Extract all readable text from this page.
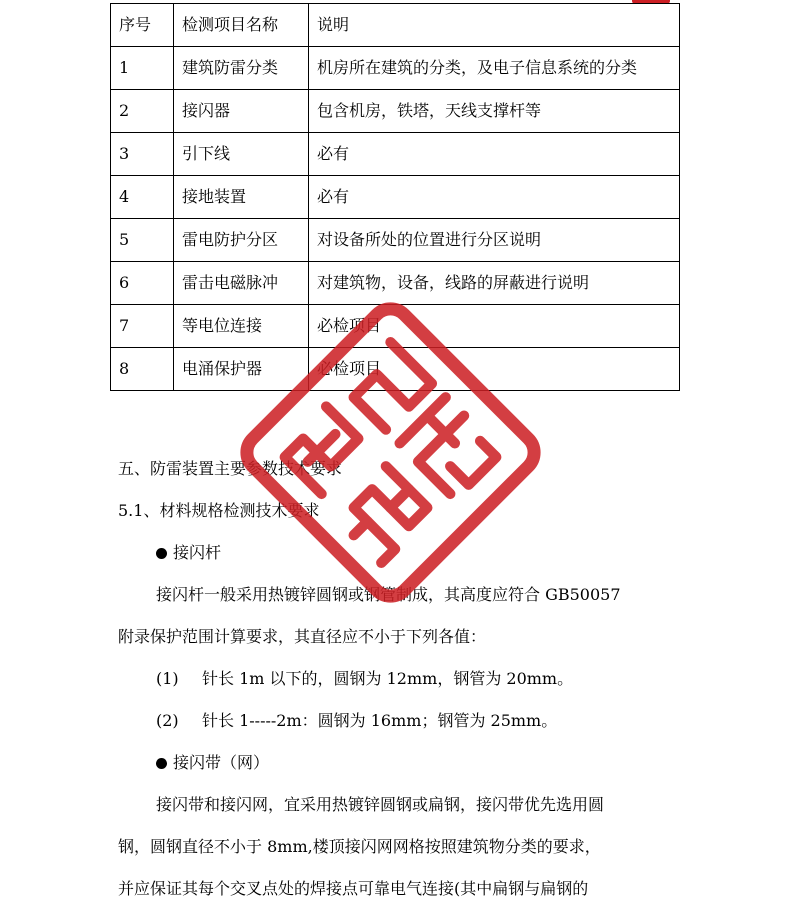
序号	检测项目名称	说明
1	建筑防雷分类	机房所在建筑的分类，及电子信息系统的分类
2	接闪器	包含机房，铁塔，天线支撑杆等
3	引下线	必有
4	接地装置	必有
5	雷电防护分区	对设备所处的位置进行分区说明
6	雷击电磁脉冲	对建筑物，设备，线路的屏蔽进行说明
7	等电位连接	必检项目
8	电涌保护器	必检项目
五、防雷装置主要参数技术要求
5.1、材料规格检测技术要求
接闪杆
接闪杆一般采用热镀锌圆钢或钢管制成，其高度应符合 GB50057
附录保护范围计算要求，其直径应不小于下列各值：
(1) 针长 1m 以下的，圆钢为 12mm，钢管为 20mm。
(2) 针长 1-----2m：圆钢为 16mm；钢管为 25mm。
接闪带（网）
接闪带和接闪网，宜采用热镀锌圆钢或扁钢，接闪带优先选用圆
钢，圆钢直径不小于 8mm,楼顶接闪网网格按照建筑物分类的要求，
并应保证其每个交叉点处的焊接点可靠电气连接(其中扁钢与扁钢的
